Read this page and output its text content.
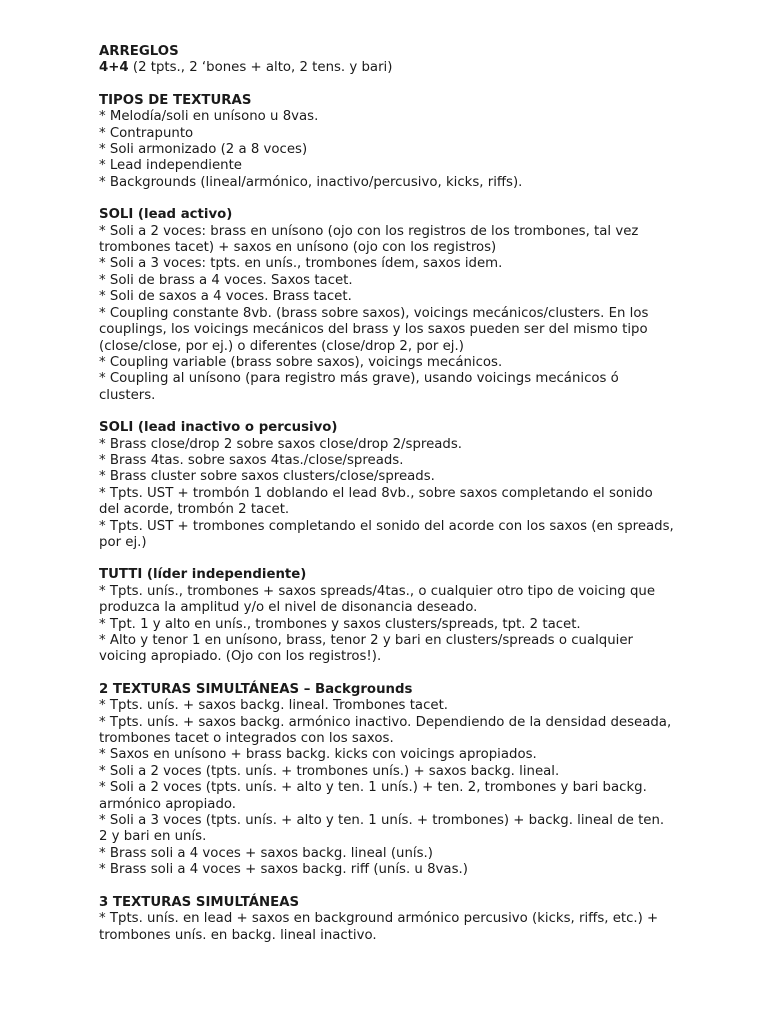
ARREGLOS
4+4 (2 tpts., 2 ‘bones + alto, 2 tens. y bari)
TIPOS DE TEXTURAS
* Melodía/soli en unísono u 8vas.
* Contrapunto
* Soli armonizado (2 a 8 voces)
* Lead independiente
* Backgrounds (lineal/armónico, inactivo/percusivo, kicks, riffs).
SOLI (lead activo)
* Soli a 2 voces: brass en unísono (ojo con los registros de los trombones, tal vez
trombones tacet) + saxos en unísono (ojo con los registros)
* Soli a 3 voces: tpts. en unís., trombones ídem, saxos idem.
* Soli de brass a 4 voces. Saxos tacet.
* Soli de saxos a 4 voces. Brass tacet.
* Coupling constante 8vb. (brass sobre saxos), voicings mecánicos/clusters. En los
couplings, los voicings mecánicos del brass y los saxos pueden ser del mismo tipo
(close/close, por ej.) o diferentes (close/drop 2, por ej.)
* Coupling variable (brass sobre saxos), voicings mecánicos.
* Coupling al unísono (para registro más grave), usando voicings mecánicos ó
clusters.
SOLI (lead inactivo o percusivo)
* Brass close/drop 2 sobre saxos close/drop 2/spreads.
* Brass 4tas. sobre saxos 4tas./close/spreads.
* Brass cluster sobre saxos clusters/close/spreads.
* Tpts. UST + trombón 1 doblando el lead 8vb., sobre saxos completando el sonido
del acorde, trombón 2 tacet.
* Tpts. UST + trombones completando el sonido del acorde con los saxos (en spreads,
por ej.)
TUTTI (líder independiente)
* Tpts. unís., trombones + saxos spreads/4tas., o cualquier otro tipo de voicing que
produzca la amplitud y/o el nivel de disonancia deseado.
* Tpt. 1 y alto en unís., trombones y saxos clusters/spreads, tpt. 2 tacet.
* Alto y tenor 1 en unísono, brass, tenor 2 y bari en clusters/spreads o cualquier
voicing apropiado. (Ojo con los registros!).
2 TEXTURAS SIMULTÁNEAS – Backgrounds
* Tpts. unís. + saxos backg. lineal. Trombones tacet.
* Tpts. unís. + saxos backg. armónico inactivo. Dependiendo de la densidad deseada,
trombones tacet o integrados con los saxos.
* Saxos en unísono + brass backg. kicks con voicings apropiados.
* Soli a 2 voces (tpts. unís. + trombones unís.) + saxos backg. lineal.
* Soli a 2 voces (tpts. unís. + alto y ten. 1 unís.) + ten. 2, trombones y bari backg.
armónico apropiado.
* Soli a 3 voces (tpts. unís. + alto y ten. 1 unís. + trombones) + backg. lineal de ten.
2 y bari en unís.
* Brass soli a 4 voces + saxos backg. lineal (unís.)
* Brass soli a 4 voces + saxos backg. riff (unís. u 8vas.)
3 TEXTURAS SIMULTÁNEAS
* Tpts. unís. en lead + saxos en background armónico percusivo (kicks, riffs, etc.) +
trombones unís. en backg. lineal inactivo.
